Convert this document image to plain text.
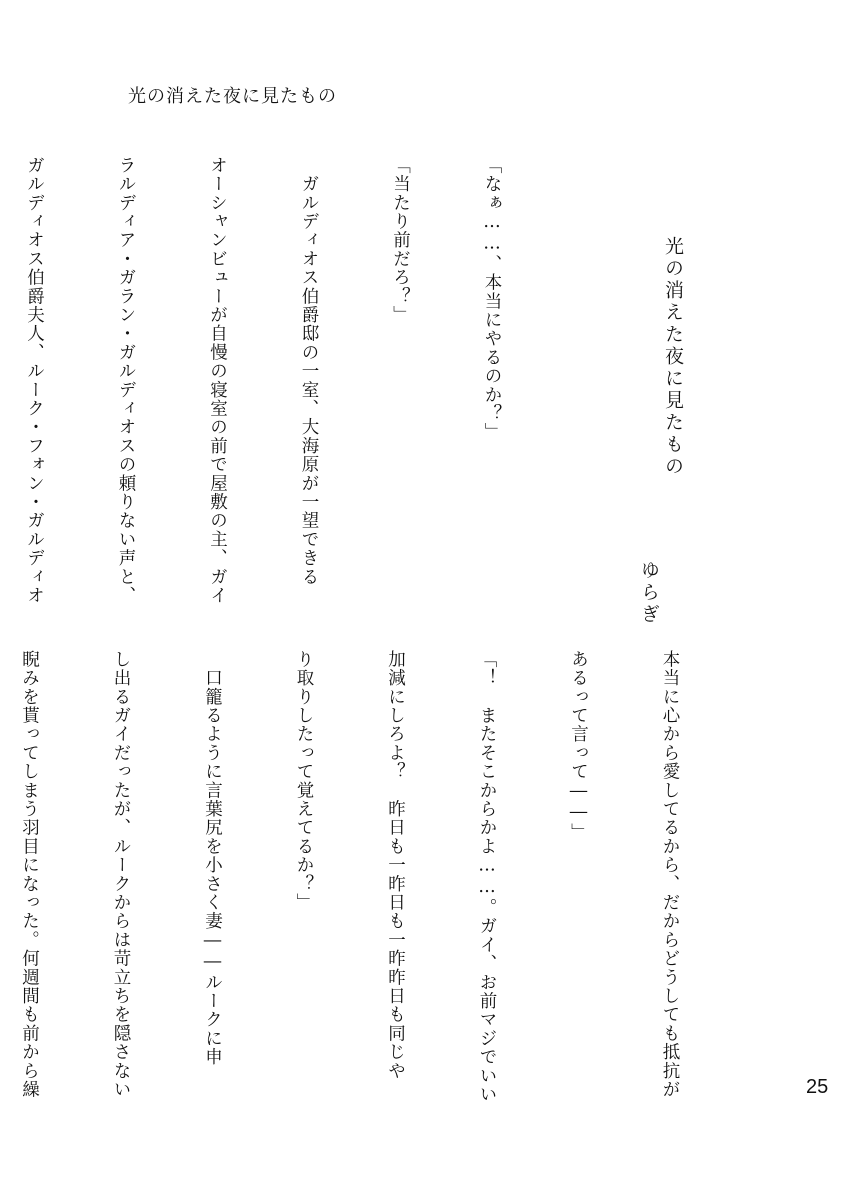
光の消えた夜に見たもの
光の消えた夜に見たもの
ゆらぎ

「なぁ……、本当にやるのか？」

「当たり前だろ？」

　ガルディオス伯爵邸の一室、大海原が一望できる

オーシャンビューが自慢の寝室の前で屋敷の主、ガイ

ラルディア・ガラン・ガルディオスの頼りない声と、

ガルディオス伯爵夫人、ルーク・フォン・ガルディオ

本当に心から愛してるから、だからどうしても抵抗が

あるって言って――」

「！　またそこからかよ……。ガイ、お前マジでいい

加減にしろよ？　昨日も一昨日も一昨昨日も同じや

り取りしたって覚えてるか？」

　口籠るように言葉尻を小さく妻――ルークに申

し出るガイだったが、ルークからは苛立ちを隠さない

睨みを貰ってしまう羽目になった。何週間も前から繰

	25
